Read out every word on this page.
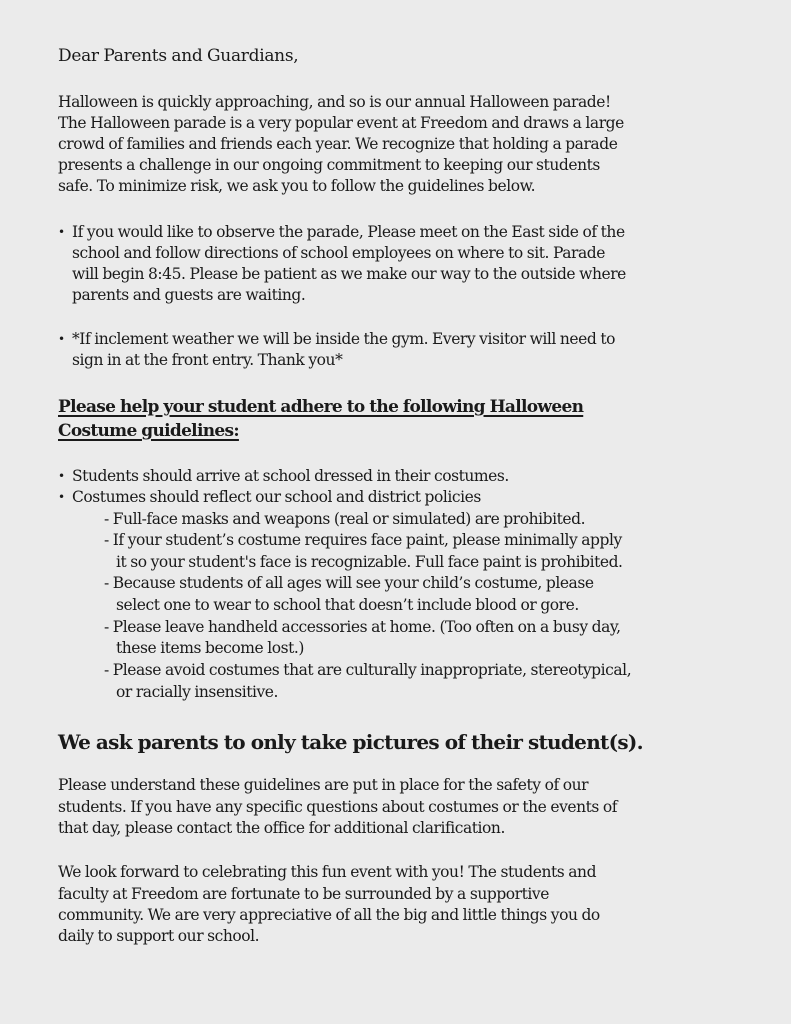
Dear Parents and Guardians,
Halloween is quickly approaching, and so is our annual Halloween parade!
The Halloween parade is a very popular event at Freedom and draws a large
crowd of families and friends each year. We recognize that holding a parade
presents a challenge in our ongoing commitment to keeping our students
safe. To minimize risk, we ask you to follow the guidelines below.
• If you would like to observe the parade, Please meet on the East side of the
school and follow directions of school employees on where to sit. Parade
will begin 8:45. Please be patient as we make our way to the outside where
parents and guests are waiting.
• *If inclement weather we will be inside the gym. Every visitor will need to
sign in at the front entry. Thank you*
Please help your student adhere to the following Halloween
Costume guidelines:
• Students should arrive at school dressed in their costumes.
• Costumes should reflect our school and district policies
- Full-face masks and weapons (real or simulated) are prohibited.
- If your student’s costume requires face paint, please minimally apply
it so your student's face is recognizable. Full face paint is prohibited.
- Because students of all ages will see your child’s costume, please
select one to wear to school that doesn’t include blood or gore.
- Please leave handheld accessories at home. (Too often on a busy day,
these items become lost.)
- Please avoid costumes that are culturally inappropriate, stereotypical,
or racially insensitive.
We ask parents to only take pictures of their student(s).
Please understand these guidelines are put in place for the safety of our
students. If you have any specific questions about costumes or the events of
that day, please contact the office for additional clarification.
We look forward to celebrating this fun event with you! The students and
faculty at Freedom are fortunate to be surrounded by a supportive
community. We are very appreciative of all the big and little things you do
daily to support our school.
